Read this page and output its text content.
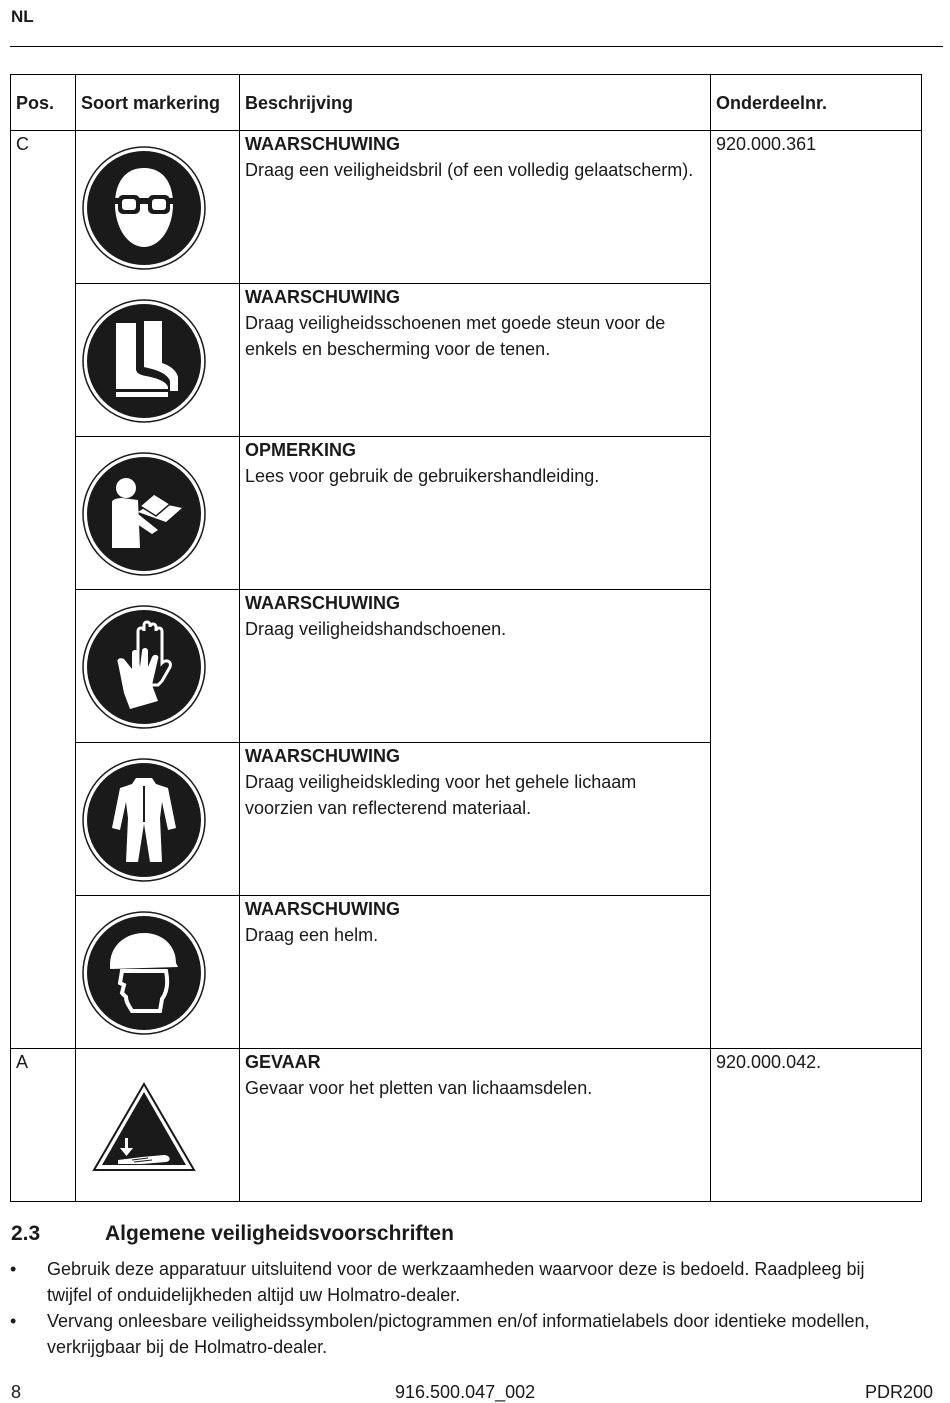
NL
Pos.	Soort markering	Beschrijving	Onderdeelnr.
C		WAARSCHUWING
Draag een veiligheidsbril (of een volledig gelaatscherm).	920.000.361

WAARSCHUWING
Draag veiligheidsschoenen met goede steun voor de enkels en bescherming voor de tenen.	

OPMERKING
Lees voor gebruik de gebruikershandleiding.	

WAARSCHUWING
Draag veiligheidshandschoenen.	

WAARSCHUWING
Draag veiligheidskleding voor het gehele lichaam voorzien van reflecterend materiaal.	

WAARSCHUWING
Draag een helm.	

A		GEVAAR
Gevaar voor het pletten van lichaamsdelen.	920.000.042.
2.3	Algemene veiligheidsvoorschriften
• Gebruik deze apparatuur uitsluitend voor de werkzaamheden waarvoor deze is bedoeld. Raadpleeg bij twijfel of onduidelijkheden altijd uw Holmatro-dealer.
• Vervang onleesbare veiligheidssymbolen/pictogrammen en/of informatielabels door identieke modellen, verkrijgbaar bij de Holmatro-dealer.
8	916.500.047_002	PDR200
